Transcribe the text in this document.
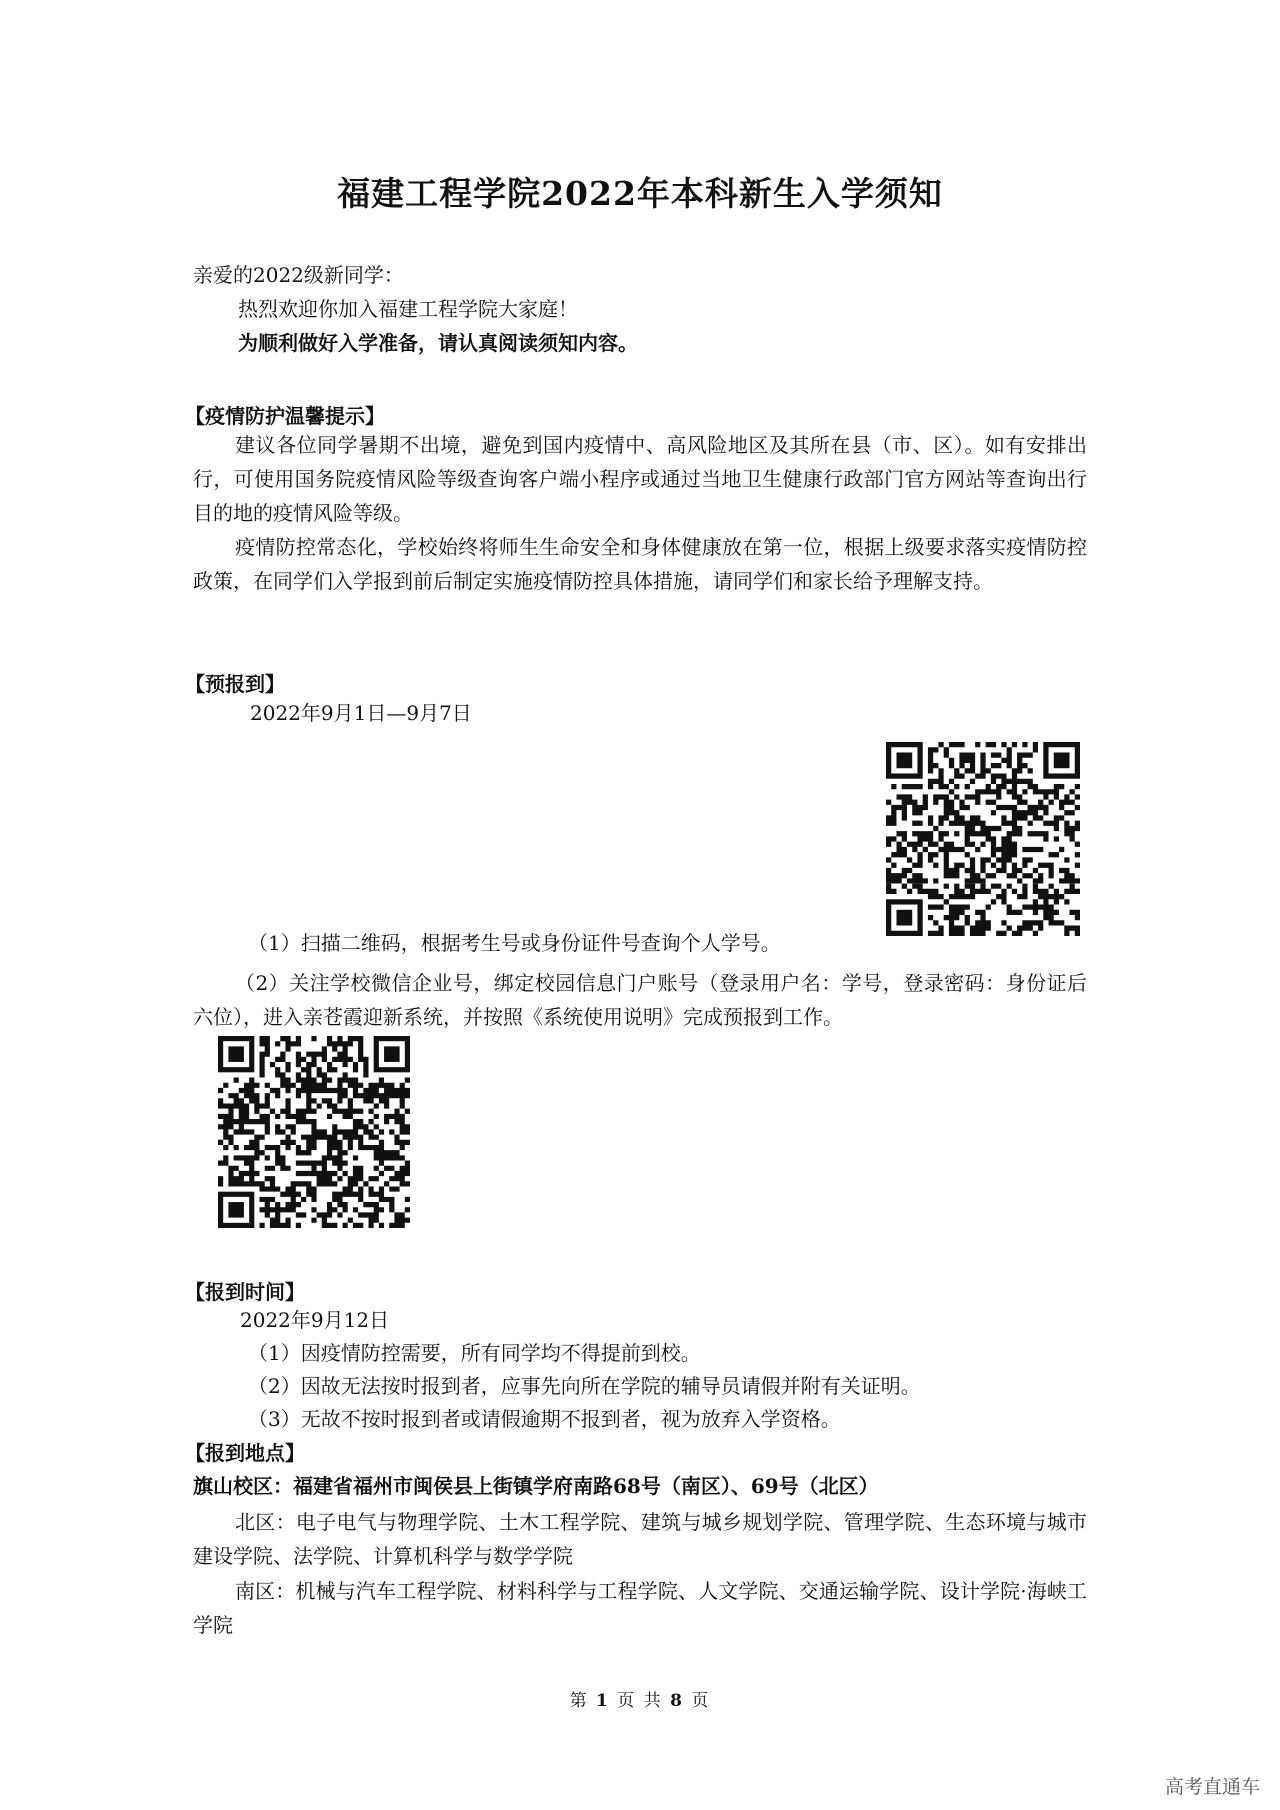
福建工程学院2022年本科新生入学须知
亲爱的2022级新同学：
热烈欢迎你加入福建工程学院大家庭！
为顺利做好入学准备，请认真阅读须知内容。
【疫情防护温馨提示】
建议各位同学暑期不出境，避免到国内疫情中、高风险地区及其所在县（市、区）。如有安排出行，可使用国务院疫情风险等级查询客户端小程序或通过当地卫生健康行政部门官方网站等查询出行目的地的疫情风险等级。
疫情防控常态化，学校始终将师生生命安全和身体健康放在第一位，根据上级要求落实疫情防控政策，在同学们入学报到前后制定实施疫情防控具体措施，请同学们和家长给予理解支持。
【预报到】
2022年9月1日—9月7日
（1）扫描二维码，根据考生号或身份证件号查询个人学号。
（2）关注学校微信企业号，绑定校园信息门户账号（登录用户名：学号，登录密码：身份证后六位），进入亲苍霞迎新系统，并按照《系统使用说明》完成预报到工作。
【报到时间】
2022年9月12日
（1）因疫情防控需要，所有同学均不得提前到校。
（2）因故无法按时报到者，应事先向所在学院的辅导员请假并附有关证明。
（3）无故不按时报到者或请假逾期不报到者，视为放弃入学资格。
【报到地点】
旗山校区：福建省福州市闽侯县上街镇学府南路68号（南区）、69号（北区）
北区：电子电气与物理学院、土木工程学院、建筑与城乡规划学院、管理学院、生态环境与城市建设学院、法学院、计算机科学与数学学院
南区：机械与汽车工程学院、材料科学与工程学院、人文学院、交通运输学院、设计学院·海峡工学院
第 1 页 共 8 页
高考直通车
